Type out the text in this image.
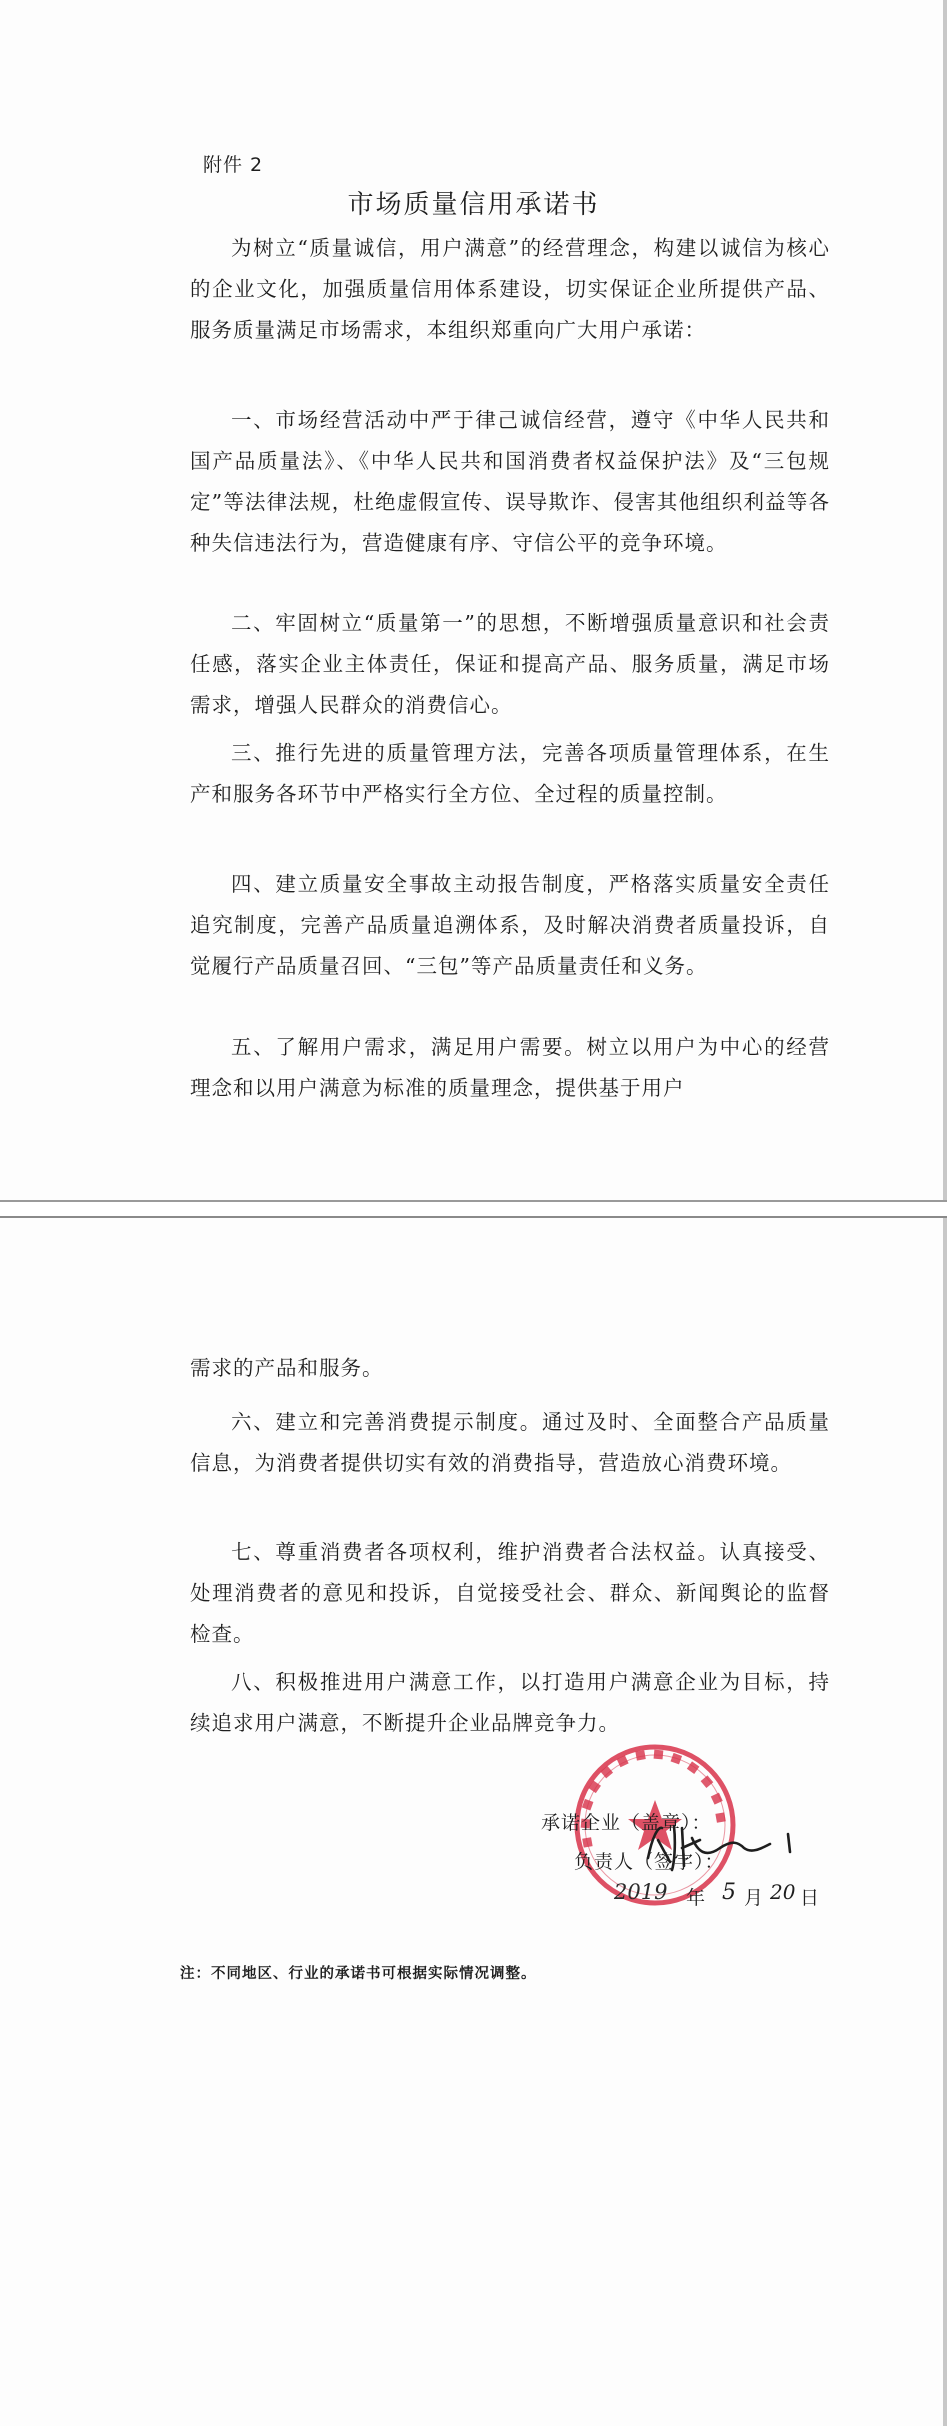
附件 2
市场质量信用承诺书
为树立“质量诚信，用户满意”的经营理念，构建以诚信为核心的企业文化，加强质量信用体系建设，切实保证企业所提供产品、服务质量满足市场需求，本组织郑重向广大用户承诺：
一、市场经营活动中严于律己诚信经营，遵守《中华人民共和国产品质量法》、《中华人民共和国消费者权益保护法》及“三包规定”等法律法规，杜绝虚假宣传、误导欺诈、侵害其他组织利益等各种失信违法行为，营造健康有序、守信公平的竞争环境。
二、牢固树立“质量第一”的思想，不断增强质量意识和社会责任感，落实企业主体责任，保证和提高产品、服务质量，满足市场需求，增强人民群众的消费信心。
三、推行先进的质量管理方法，完善各项质量管理体系，在生产和服务各环节中严格实行全方位、全过程的质量控制。
四、建立质量安全事故主动报告制度，严格落实质量安全责任追究制度，完善产品质量追溯体系，及时解决消费者质量投诉，自觉履行产品质量召回、“三包”等产品质量责任和义务。
五、了解用户需求，满足用户需要。树立以用户为中心的经营理念和以用户满意为标准的质量理念，提供基于用户
需求的产品和服务。
六、建立和完善消费提示制度。通过及时、全面整合产品质量信息，为消费者提供切实有效的消费指导，营造放心消费环境。
七、尊重消费者各项权利，维护消费者合法权益。认真接受、处理消费者的意见和投诉，自觉接受社会、群众、新闻舆论的监督检查。
八、积极推进用户满意工作，以打造用户满意企业为目标，持续追求用户满意，不断提升企业品牌竞争力。
承诺企业（盖章）：
负责人（签字）：
2019 年 5 月 20 日
注：不同地区、行业的承诺书可根据实际情况调整。
